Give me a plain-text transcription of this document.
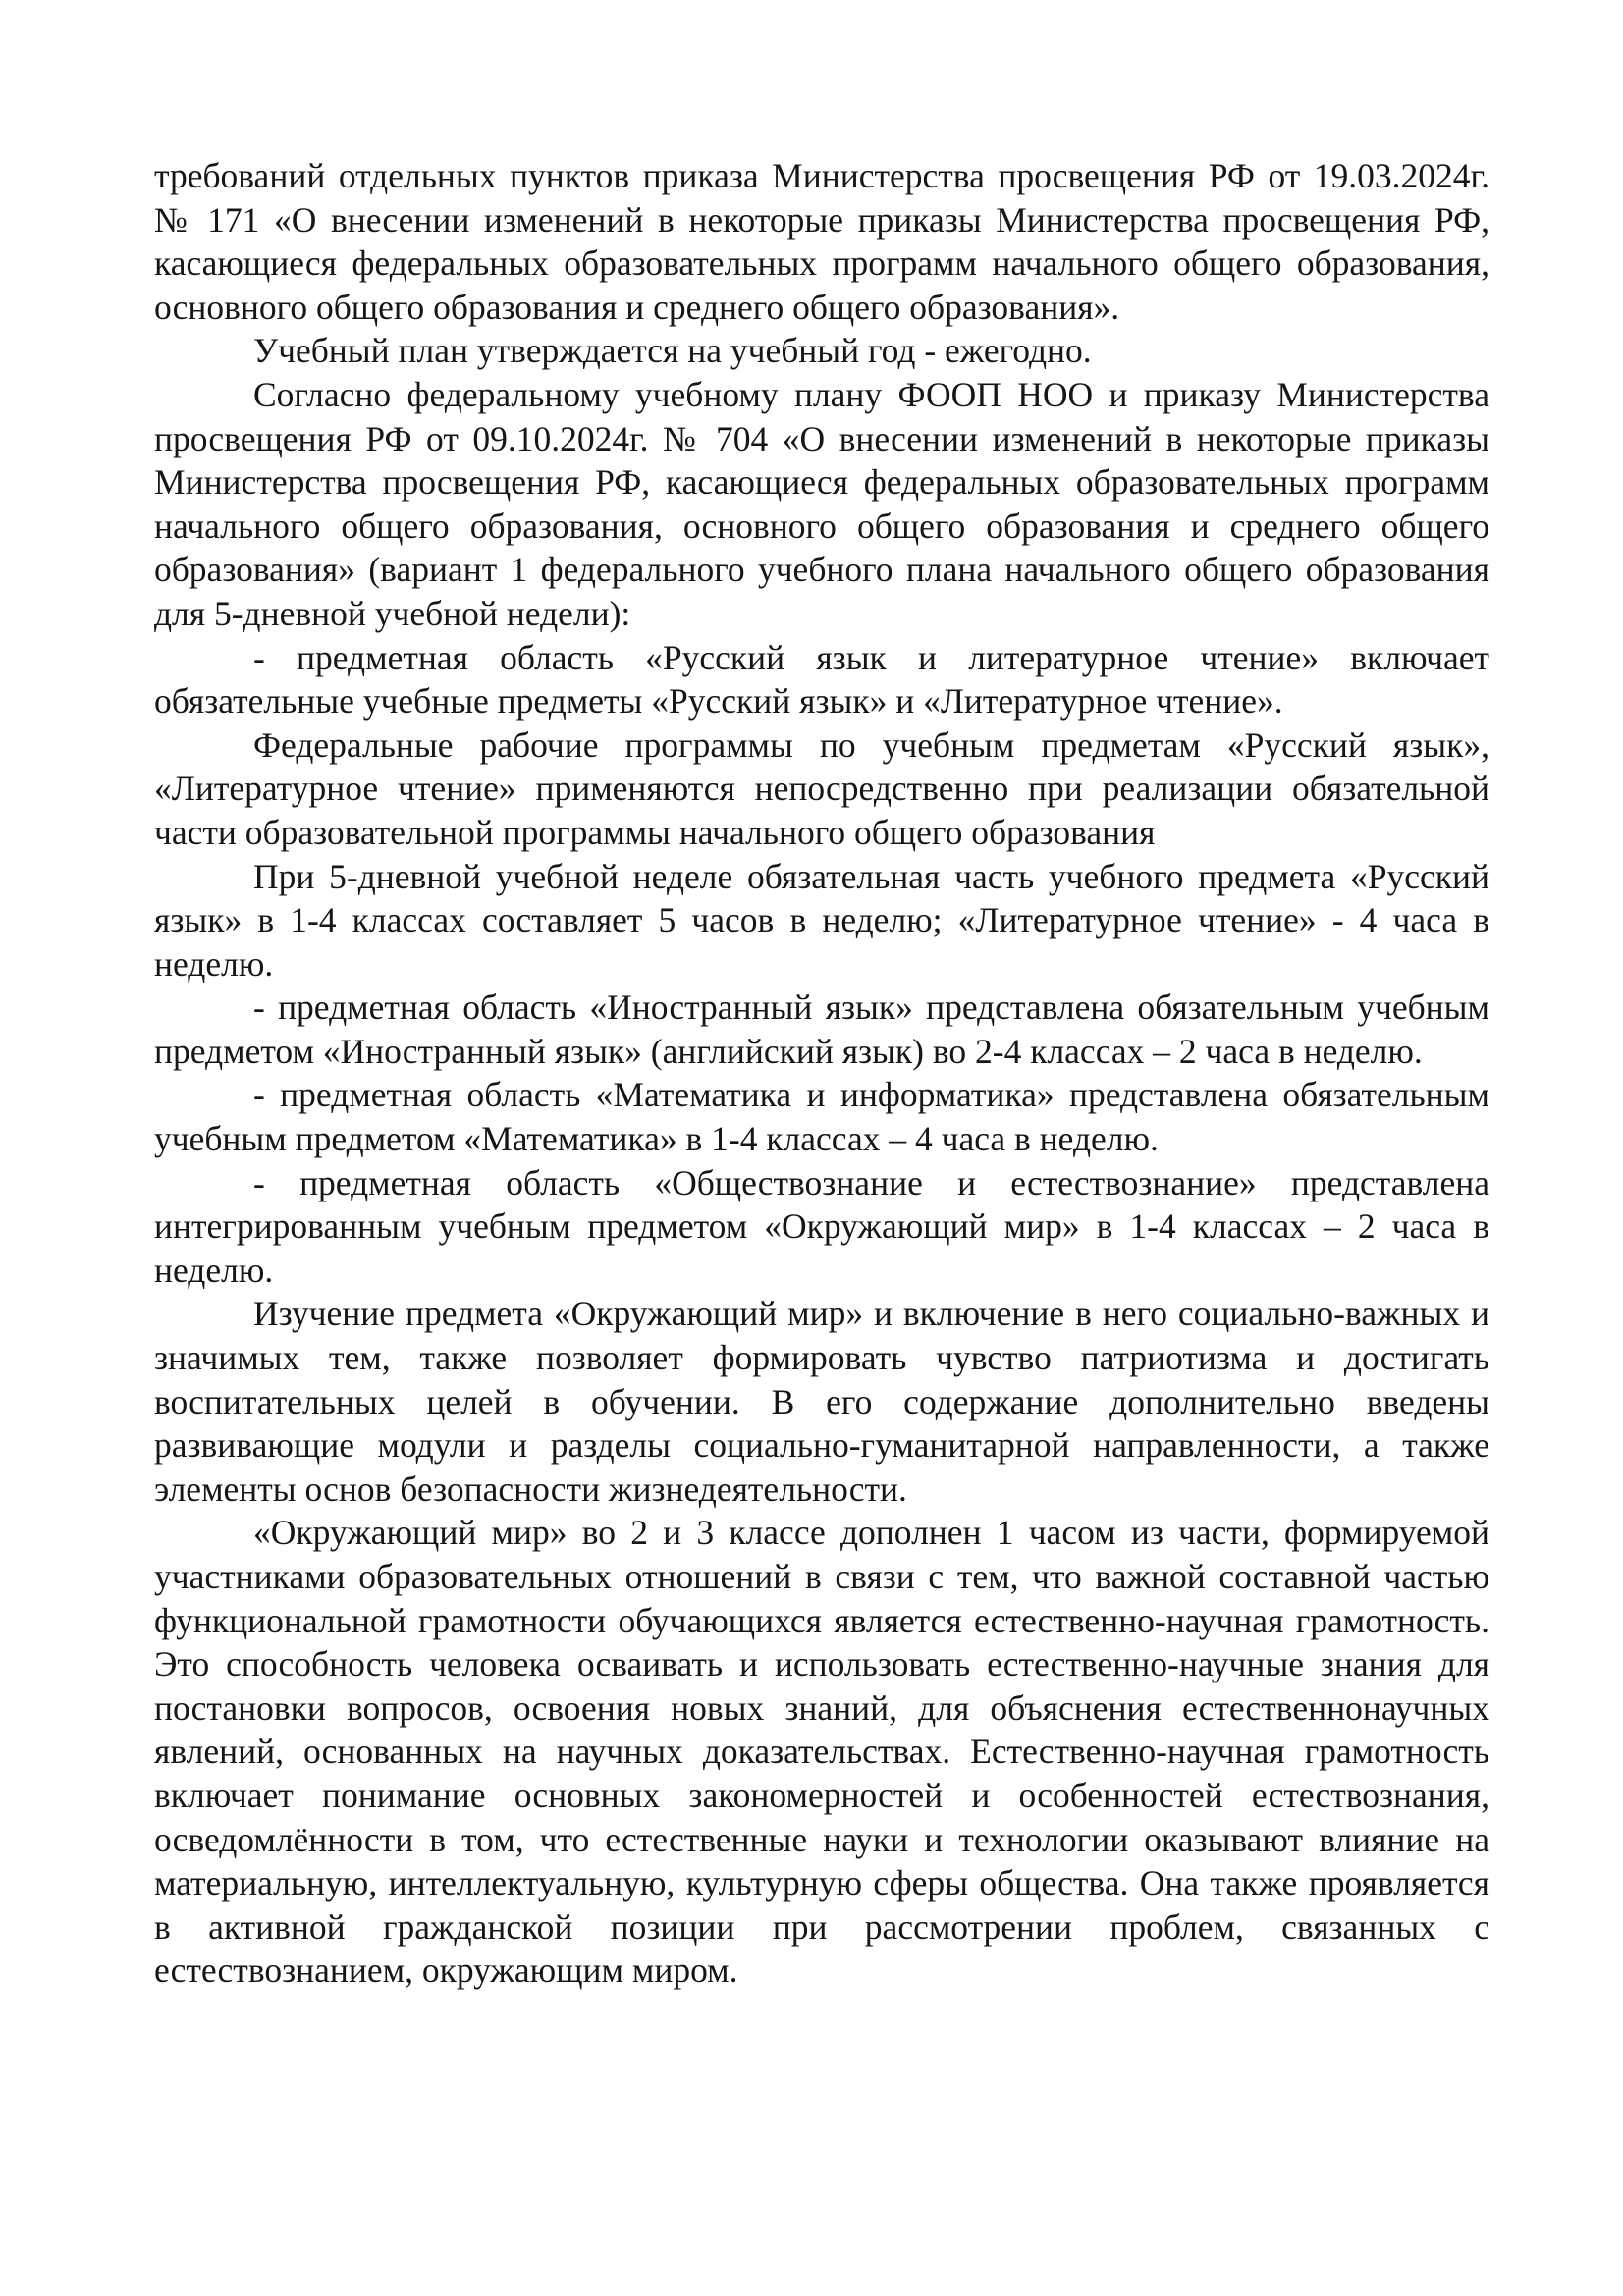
требований отдельных пунктов приказа Министерства просвещения РФ от 19.03.2024г. № 171 «О внесении изменений в некоторые приказы Министерства просвещения РФ, касающиеся федеральных образовательных программ начального общего образования, основного общего образования и среднего общего образования».

Учебный план утверждается на учебный год - ежегодно.

Согласно федеральному учебному плану ФООП НОО и приказу Министерства просвещения РФ от 09.10.2024г. № 704 «О внесении изменений в некоторые приказы Министерства просвещения РФ, касающиеся федеральных образовательных программ начального общего образования, основного общего образования и среднего общего образования» (вариант 1 федерального учебного плана начального общего образования для 5-дневной учебной недели):

- предметная область «Русский язык и литературное чтение» включает обязательные учебные предметы «Русский язык» и «Литературное чтение».

Федеральные рабочие программы по учебным предметам «Русский язык», «Литературное чтение» применяются непосредственно при реализации обязательной части образовательной программы начального общего образования

При 5-дневной учебной неделе обязательная часть учебного предмета «Русский язык» в 1-4 классах составляет 5 часов в неделю; «Литературное чтение» - 4 часа в неделю.

- предметная область «Иностранный язык» представлена обязательным учебным предметом «Иностранный язык» (английский язык) во 2-4 классах – 2 часа в неделю.

- предметная область «Математика и информатика» представлена обязательным учебным предметом «Математика» в 1-4 классах – 4 часа в неделю.

- предметная область «Обществознание и естествознание» представлена интегрированным учебным предметом «Окружающий мир» в 1-4 классах – 2 часа в неделю.

Изучение предмета «Окружающий мир» и включение в него социально-важных и значимых тем, также позволяет формировать чувство патриотизма и достигать воспитательных целей в обучении. В его содержание дополнительно введены развивающие модули и разделы социально-гуманитарной направленности, а также элементы основ безопасности жизнедеятельности.

«Окружающий мир» во 2 и 3 классе дополнен 1 часом из части, формируемой участниками образовательных отношений в связи с тем, что важной составной частью функциональной грамотности обучающихся является естественно-научная грамотность. Это способность человека осваивать и использовать естественно-научные знания для постановки вопросов, освоения новых знаний, для объяснения естественнонаучных явлений, основанных на научных доказательствах. Естественно-научная грамотность включает понимание основных закономерностей и особенностей естествознания, осведомлённости в том, что естественные науки и технологии оказывают влияние на материальную, интеллектуальную, культурную сферы общества. Она также проявляется в активной гражданской позиции при рассмотрении проблем, связанных с естествознанием, окружающим миром.
